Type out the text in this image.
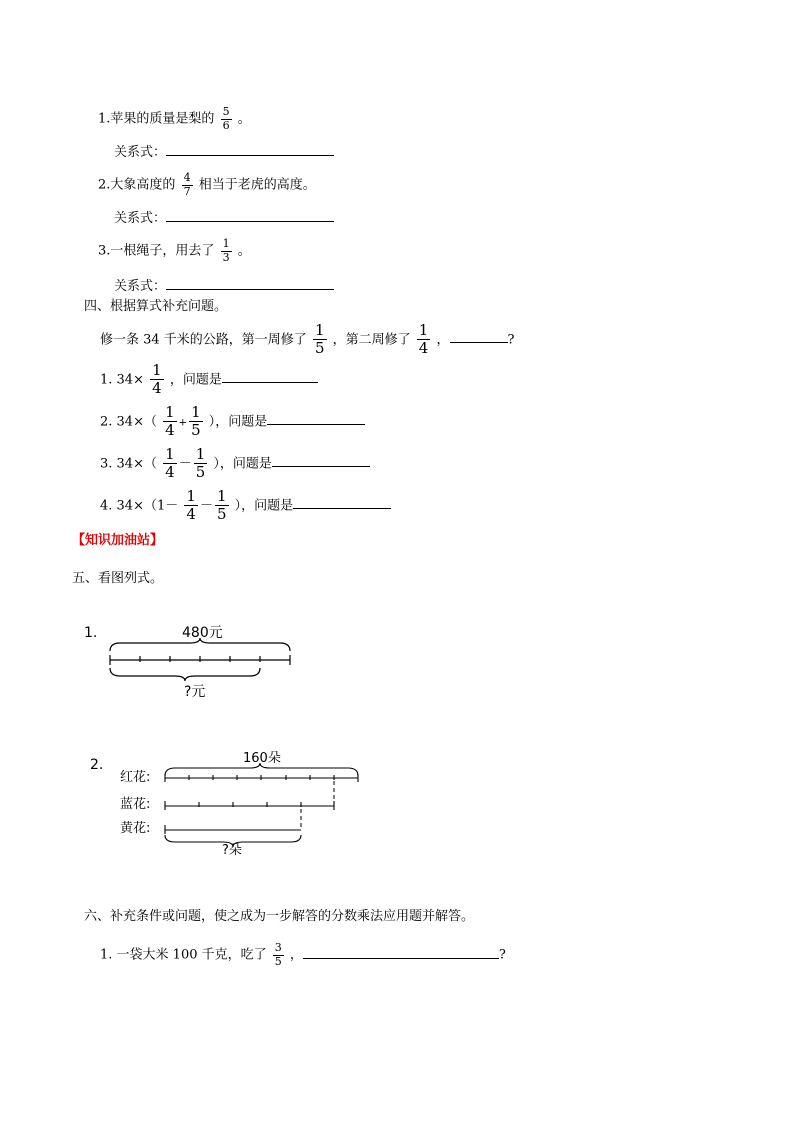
1.苹果的质量是梨的 $\frac{5}{6}$ 。
关系式：
2.大象高度的 $\frac{4}{7}$ 相当于老虎的高度。
关系式：
3.一根绳子，用去了 $\frac{1}{3}$ 。
关系式：
四、根据算式补充问题。
修一条 34 千米的公路，第一周修了 $\frac{1}{5}$ ，第二周修了 $\frac{1}{4}$ ，	?
1. $34\times \frac{1}{4}$ ，问题是
2. $34\times( \frac{1}{4} + \frac{1}{5}$ ），问题是
3. $34\times( \frac{1}{4} - \frac{1}{5}$ ），问题是
4. $34\times(1- \frac{1}{4} - \frac{1}{5}$ ），问题是
【知识加油站】
五、看图列式。
1.	480元
?元
2.	160朵
红花:
蓝花:
黄花:
?朵
六、补充条件或问题，使之成为一步解答的分数乘法应用题并解答。
1. 一袋大米 100 千克，吃了 $\frac{3}{5}$ ，	?
